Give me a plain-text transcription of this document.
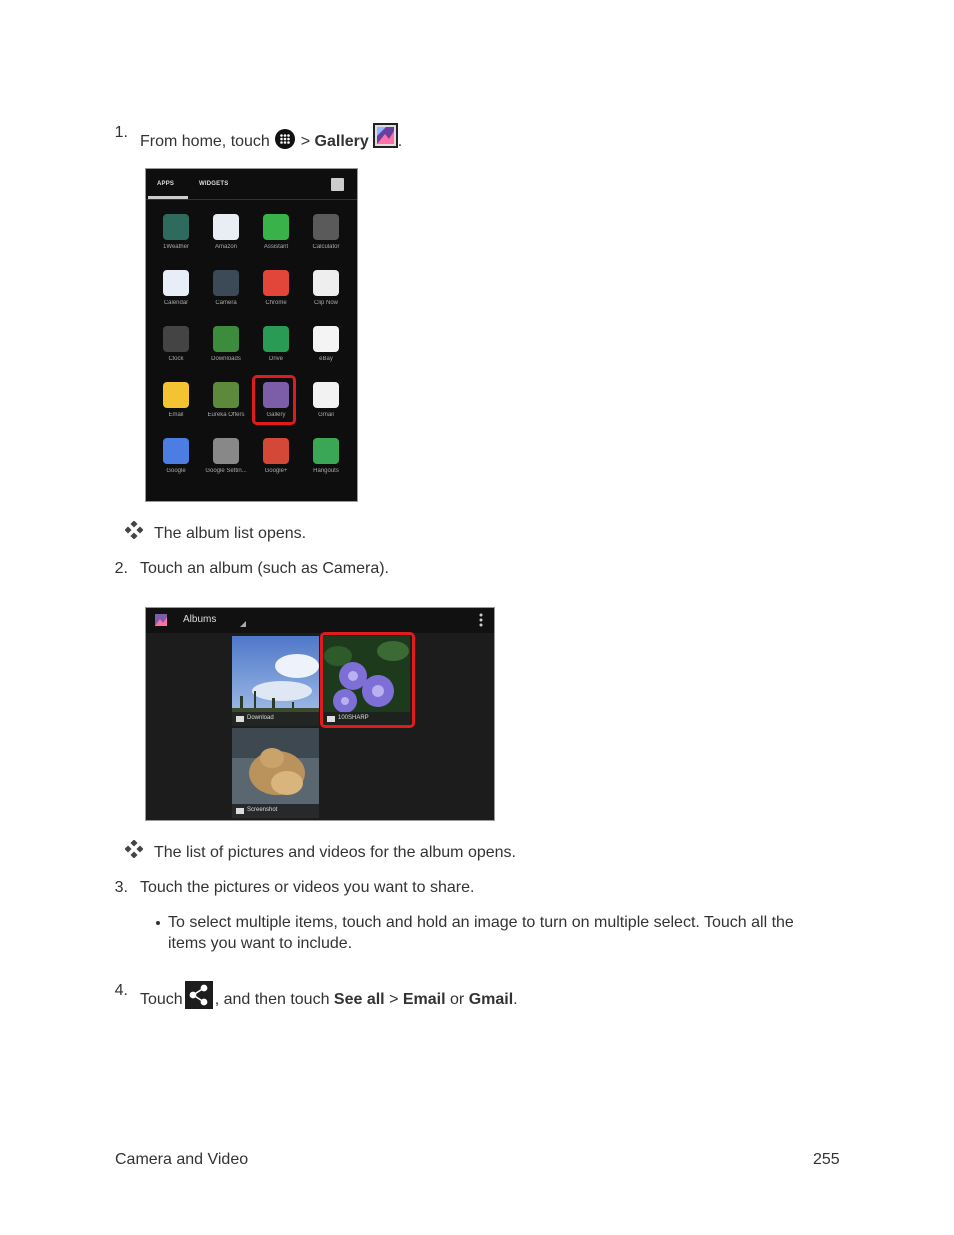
1.
From home, touch > Gallery .
APPS	WIDGETS
1Weather	Amazon	Assistant	Calculator
Calendar	Camera	Chrome	Clip Now
Clock	Downloads	Drive	eBay
Email	Eureka Offers	Gallery	Gmail
Google	Google Settin...	Google+	Hangouts
The album list opens.
2. Touch an album (such as Camera).
Albums
Download	100SHARP
Screenshot
The list of pictures and videos for the album opens.
3. Touch the pictures or videos you want to share.
To select multiple items, touch and hold an image to turn on multiple select. Touch all the
items you want to include.
4.
Touch , and then touch See all > Email or Gmail.
Camera and Video	255
